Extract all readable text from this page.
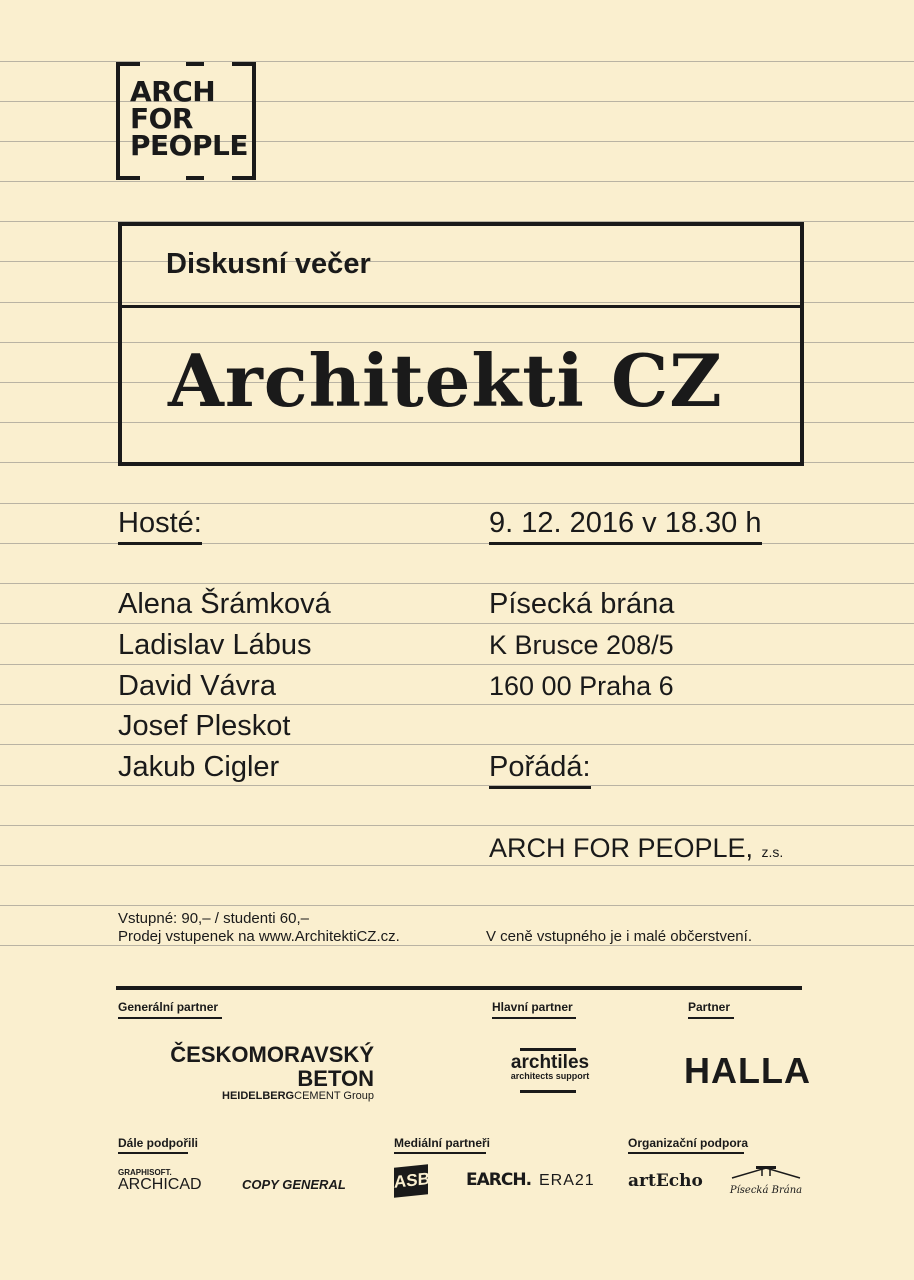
ARCH
FOR
PEOPLE
Diskusní večer
Architekti CZ
Hosté:
Alena Šrámková
Ladislav Lábus
David Vávra
Josef Pleskot
Jakub Cigler
9. 12. 2016 v 18.30 h
Písecká brána
K Brusce 208/5
160 00 Praha 6
Pořádá:
ARCH FOR PEOPLE, z.s.
Vstupné: 90,– / studenti 60,–
Prodej vstupenek na www.ArchitektiCZ.cz.	V ceně vstupného je i malé občerstvení.
Generální partner	Hlavní partner	Partner
ČESKOMORAVSKÝ
BETON
HEIDELBERGCEMENT Group
archtiles
architects support	HALLA
Dále podpořili	Mediální partneři	Organizační podpora
GRAPHISOFT.
ARCHICAD	COPY GENERAL	ASB EARCH. ERA21 artEcho	Písecká Brána
